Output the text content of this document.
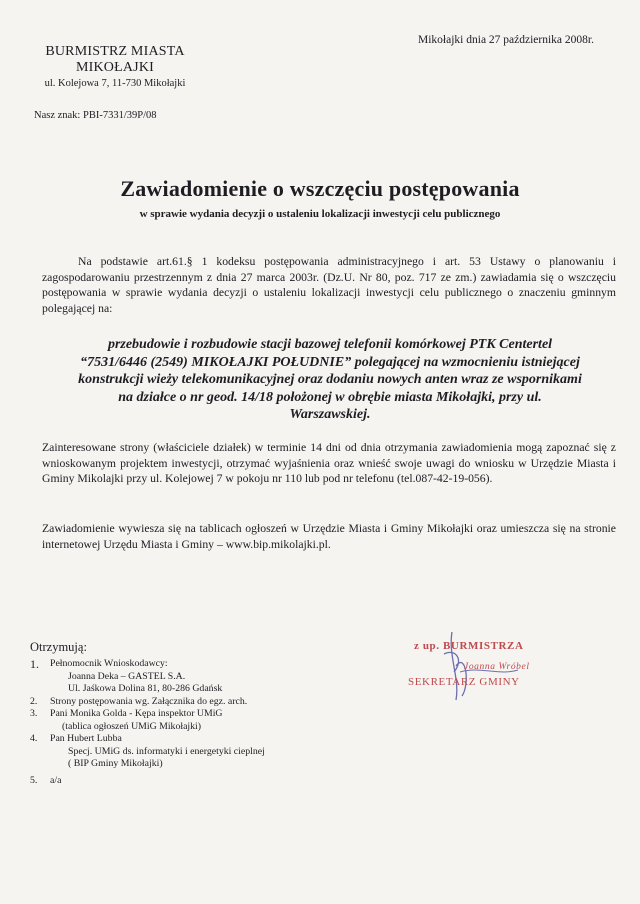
Mikołajki dnia 27 października 2008r.
BURMISTRZ MIASTA
MIKOŁAJKI
ul. Kolejowa 7, 11-730 Mikołajki
Nasz znak: PBI-7331/39P/08
Zawiadomienie o wszczęciu postępowania
w sprawie wydania decyzji o ustaleniu lokalizacji inwestycji celu publicznego
Na podstawie art.61.§ 1 kodeksu postępowania administracyjnego i art. 53 Ustawy o planowaniu i zagospodarowaniu przestrzennym z dnia 27 marca 2003r. (Dz.U. Nr 80, poz. 717 ze zm.) zawiadamia się o wszczęciu postępowania w sprawie wydania decyzji o ustaleniu lokalizacji inwestycji celu publicznego o znaczeniu gminnym polegającej na:
przebudowie i rozbudowie stacji bazowej telefonii komórkowej PTK Centertel
“7531/6446 (2549) MIKOŁAJKI POŁUDNIE” polegającej na wzmocnieniu istniejącej
konstrukcji wieży telekomunikacyjnej oraz dodaniu nowych anten wraz ze wspornikami
na działce o nr geod. 14/18 położonej w obrębie miasta Mikołajki, przy ul.
Warszawskiej.
Zainteresowane strony (właściciele działek) w terminie 14 dni od dnia otrzymania zawiadomienia mogą zapoznać się z wnioskowanym projektem inwestycji, otrzymać wyjaśnienia oraz wnieść swoje uwagi do wniosku w Urzędzie Miasta i Gminy Mikolajki przy ul. Kolejowej 7 w pokoju nr 110 lub pod nr telefonu (tel.087-42-19-056).
Zawiadomienie wywiesza się na tablicach ogłoszeń w Urzędzie Miasta i Gminy Mikołajki oraz umieszcza się na stronie internetowej Urzędu Miasta i Gminy – www.bip.mikolajki.pl.
Otrzymują:
1.	Pełnomocnik Wnioskodawcy:
Joanna Deka – GASTEL S.A.
Ul. Jaśkowa Dolina 81, 80-286 Gdańsk
2.	Strony postępowania wg. Załącznika do egz. arch.
3.	Pani Monika Golda - Kępa inspektor UMiG
(tablica ogłoszeń UMiG Mikołajki)
4.	Pan Hubert Lubba
Specj. UMiG ds. informatyki i energetyki cieplnej
( BIP Gminy Mikołajki)
5.	a/a
z up. BURMISTRZA
Joanna Wróbel
SEKRETARZ GMINY
